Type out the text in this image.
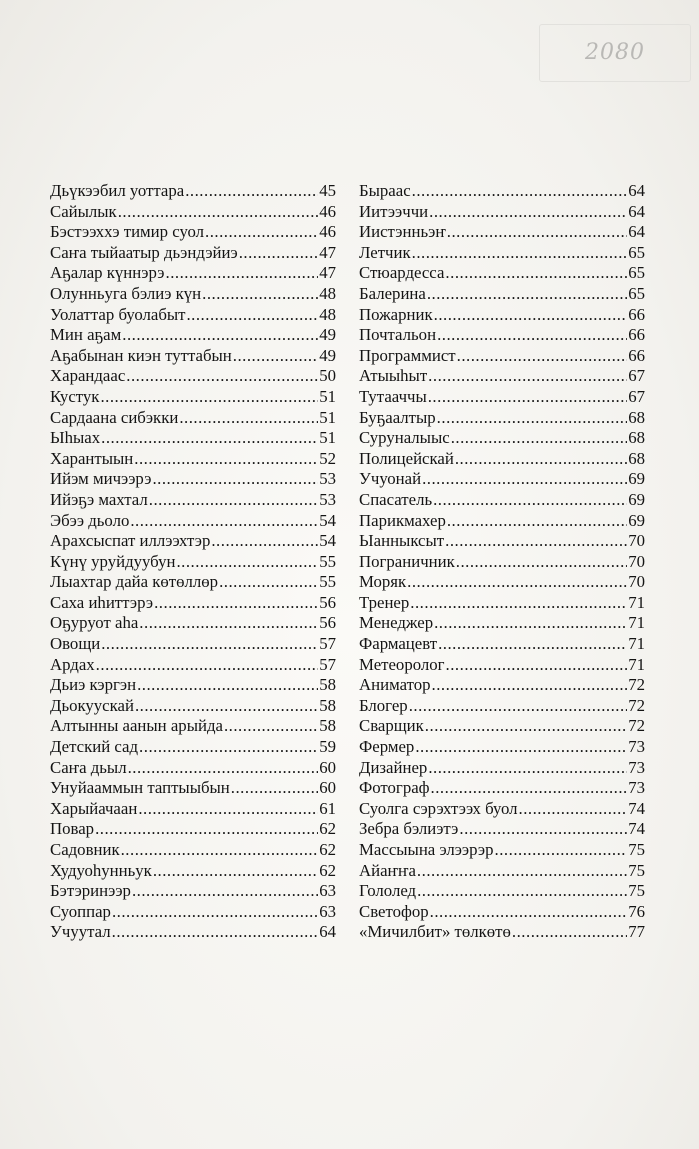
2080
Дьүкээбил уоттара .....	45
Сайылык .....	46
Бэстээххэ тимир суол .....	46
Саҥа тыйаатыр дьэндэйиэ .....	47
Аҕалар күннэрэ .....	47
Олунньуга бэлиэ күн .....	48
Уолаттар буолабыт .....	48
Мин аҕам .....	49
Аҕабынан киэн туттабын .....	49
Харандаас .....	50
Кустук .....	51
Сардаана сибэкки .....	51
Ыһыах .....	51
Харантыын .....	52
Ийэм мичээрэ .....	53
Ийэҕэ махтал .....	53
Эбээ дьоло .....	54
Арахсыспат иллээхтэр .....	54
Күнү уруйдуубун .....	55
Лыахтар дайа көтөллөр .....	55
Саха иһиттэрэ .....	56
Оҕуруот аһа .....	56
Овощи .....	57
Ардах .....	57
Дьиэ кэргэн .....	58
Дьокуускай .....	58
Алтынны аанын арыйда .....	58
Детский сад .....	59
Саҥа дьыл .....	60
Унуйааммын таптыыбын .....	60
Харыйачаан .....	61
Повар .....	62
Садовник .....	62
Худуоһунньук .....	62
Бэтэринээр .....	63
Суоппар .....	63
Учуутал .....	64
Быраас .....	64
Иитээччи .....	64
Иистэнньэҥ .....	64
Летчик .....	65
Стюардесса .....	65
Балерина .....	65
Пожарник .....	66
Почтальон .....	66
Программист .....	66
Атыыһыт .....	67
Тутааччы .....	67
Буҕаалтыр .....	68
Суруналыыс .....	68
Полицейскай .....	68
Учуонай .....	69
Спасатель .....	69
Парикмахер .....	69
Ыанныксыт .....	70
Пограничник .....	70
Моряк .....	70
Тренер .....	71
Менеджер .....	71
Фармацевт .....	71
Метеоролог .....	71
Аниматор .....	72
Блогер .....	72
Сварщик .....	72
Фермер .....	73
Дизайнер .....	73
Фотограф .....	73
Суолга сэрэхтээх буол .....	74
Зебра бэлиэтэ .....	74
Массыына элээрэр .....	75
Айаҥҥа .....	75
Гололед .....	75
Светофор .....	76
«Мичилбит» төлкөтө .....	77
